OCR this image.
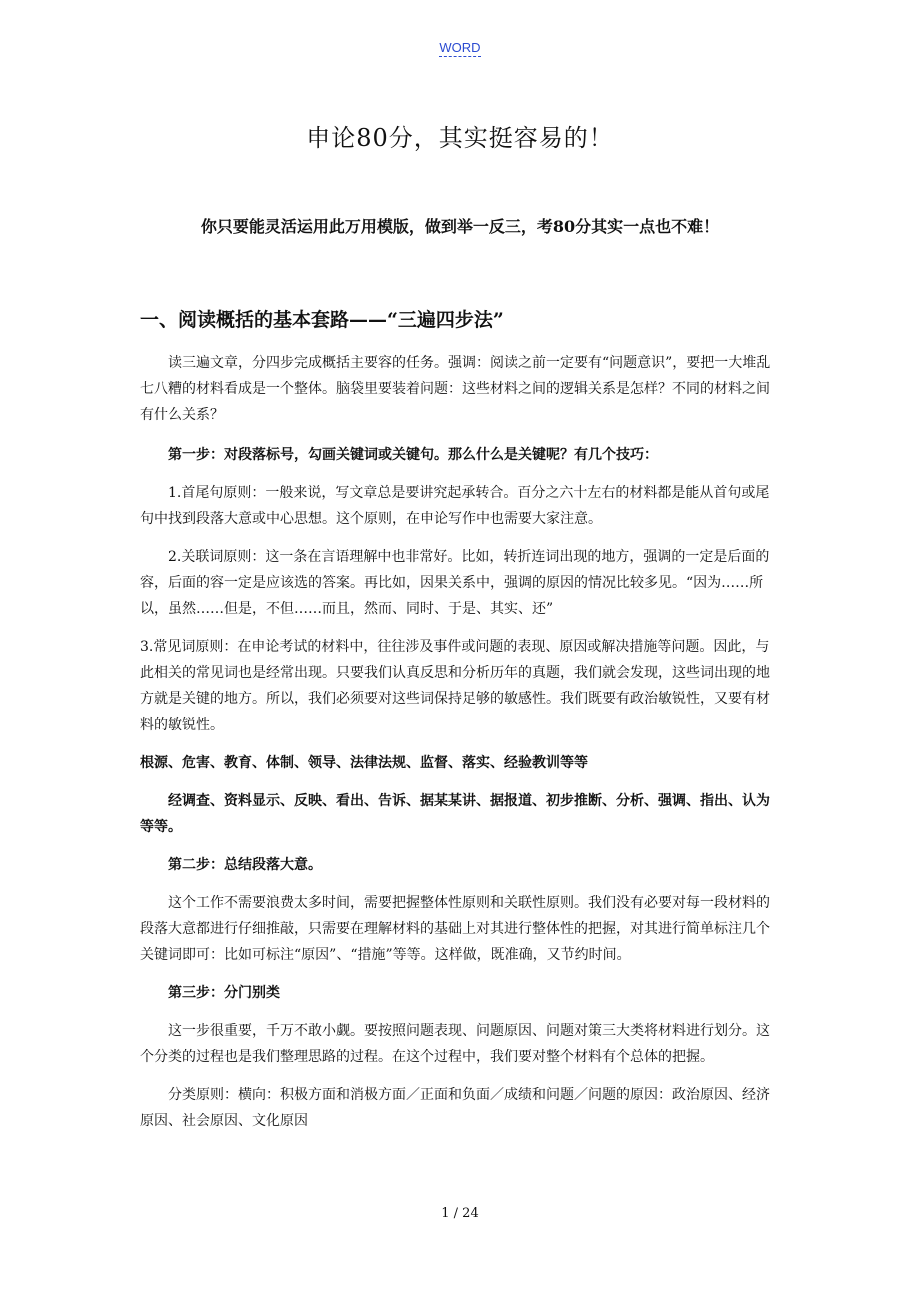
WORD
申论80分，其实挺容易的！
你只要能灵活运用此万用模版，做到举一反三，考80分其实一点也不难！
一、阅读概括的基本套路——“三遍四步法”

读三遍文章，分四步完成概括主要容的任务。强调：阅读之前一定要有“问题意识”，要把一大堆乱七八糟的材料看成是一个整体。脑袋里要装着问题：这些材料之间的逻辑关系是怎样？不同的材料之间有什么关系？

第一步：对段落标号，勾画关键词或关键句。那么什么是关键呢？有几个技巧：

1.首尾句原则：一般来说，写文章总是要讲究起承转合。百分之六十左右的材料都是能从首句或尾句中找到段落大意或中心思想。这个原则，在申论写作中也需要大家注意。

2.关联词原则：这一条在言语理解中也非常好。比如，转折连词出现的地方，强调的一定是后面的容，后面的容一定是应该选的答案。再比如，因果关系中，强调的原因的情况比较多见。“因为……所以，虽然……但是，不但……而且，然而、同时、于是、其实、还”

3.常见词原则：在申论考试的材料中，往往涉及事件或问题的表现、原因或解决措施等问题。因此，与此相关的常见词也是经常出现。只要我们认真反思和分析历年的真题，我们就会发现，这些词出现的地方就是关键的地方。所以，我们必须要对这些词保持足够的敏感性。我们既要有政治敏锐性，又要有材料的敏锐性。

根源、危害、教育、体制、领导、法律法规、监督、落实、经验教训等等

经调查、资料显示、反映、看出、告诉、据某某讲、据报道、初步推断、分析、强调、指出、认为等等。

第二步：总结段落大意。

这个工作不需要浪费太多时间，需要把握整体性原则和关联性原则。我们没有必要对每一段材料的段落大意都进行仔细推敲，只需要在理解材料的基础上对其进行整体性的把握，对其进行简单标注几个关键词即可：比如可标注“原因”、“措施”等等。这样做，既准确，又节约时间。

第三步：分门别类

这一步很重要，千万不敢小觑。要按照问题表现、问题原因、问题对策三大类将材料进行划分。这个分类的过程也是我们整理思路的过程。在这个过程中，我们要对整个材料有个总体的把握。

分类原则：横向：积极方面和消极方面／正面和负面／成绩和问题／问题的原因：政治原因、经济原因、社会原因、文化原因

1 / 24
